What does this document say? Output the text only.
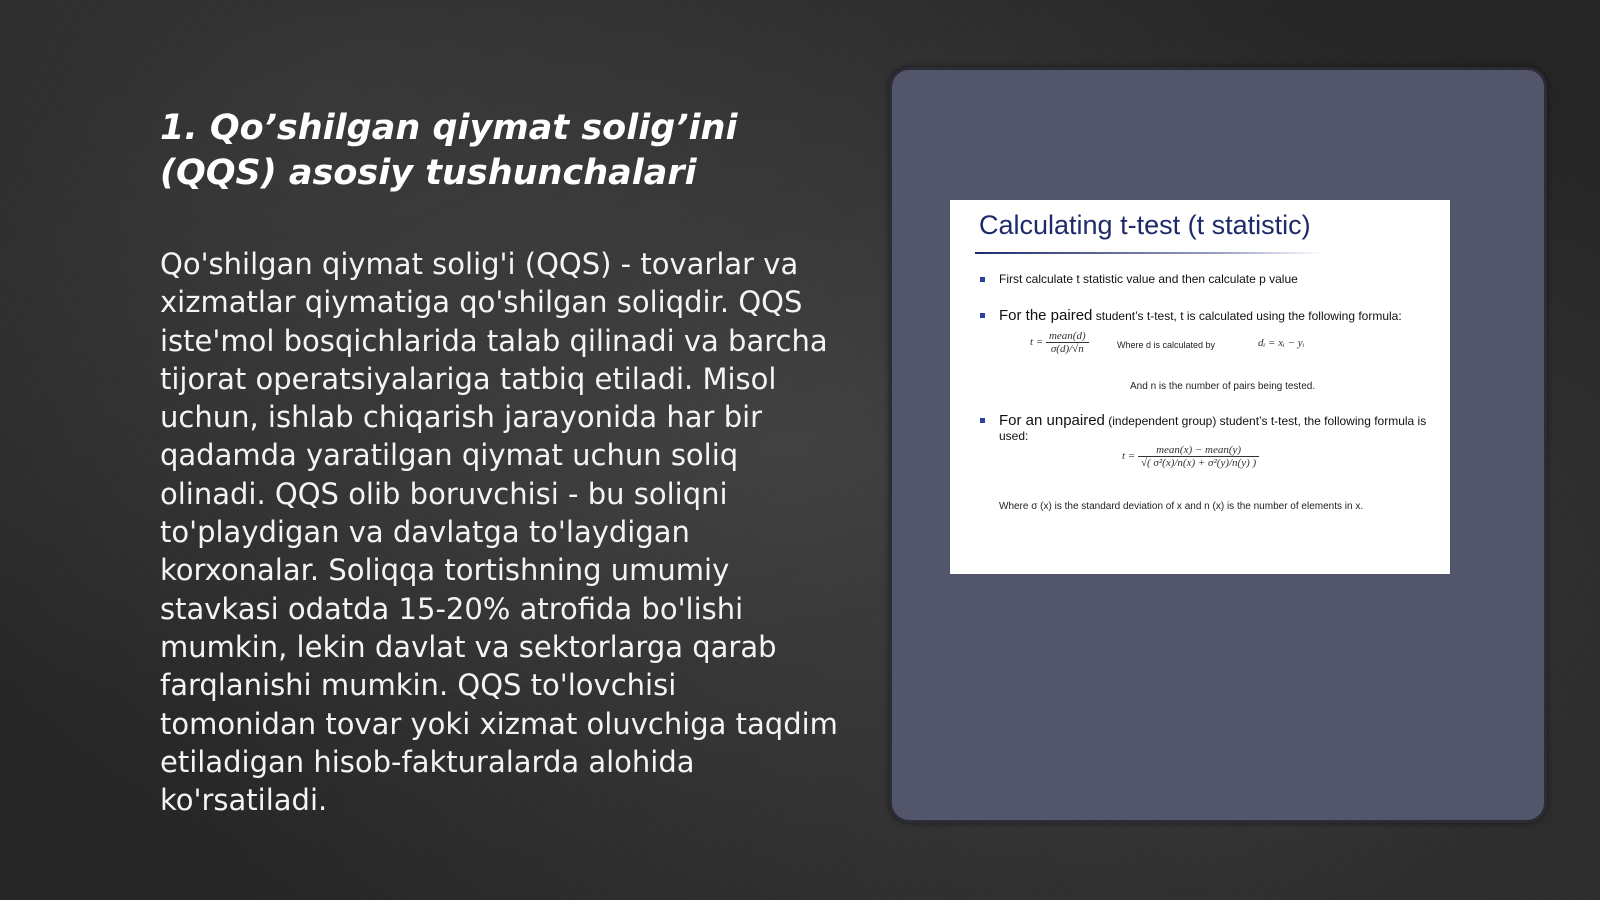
1. Qo’shilgan qiymat solig’ini (QQS) asosiy tushunchalari
Qo'shilgan qiymat solig'i (QQS) - tovarlar va xizmatlar qiymatiga qo'shilgan soliqdir. QQS iste'mol bosqichlarida talab qilinadi va barcha tijorat operatsiyalariga tatbiq etiladi. Misol uchun, ishlab chiqarish jarayonida har bir qadamda yaratilgan qiymat uchun soliq olinadi. QQS olib boruvchisi - bu soliqni to'playdigan va davlatga to'laydigan korxonalar. Soliqqa tortishning umumiy stavkasi odatda 15-20% atrofida bo'lishi mumkin, lekin davlat va sektorlarga qarab farqlanishi mumkin. QQS to'lovchisi tomonidan tovar yoki xizmat oluvchiga taqdim etiladigan hisob-fakturalarda alohida ko'rsatiladi.
Calculating t-test (t statistic)
First calculate t statistic value and then calculate p value
For the paired student’s t-test, t is calculated using the following formula:
$t = \frac{\text{mean(d)}}{\sigma(d)/√n}$	Where d is calculated by	dᵢ = xᵢ − yᵢ
And n is the number of pairs being tested.
For an unpaired (independent group) student’s t-test, the following formula is used:
$t = \frac{\text{mean(x) − mean(y)}}{\text{√( σ²(x)/n(x) + σ²(y)/n(y) )}}$
Where σ (x) is the standard deviation of x and n (x) is the number of elements in x.
